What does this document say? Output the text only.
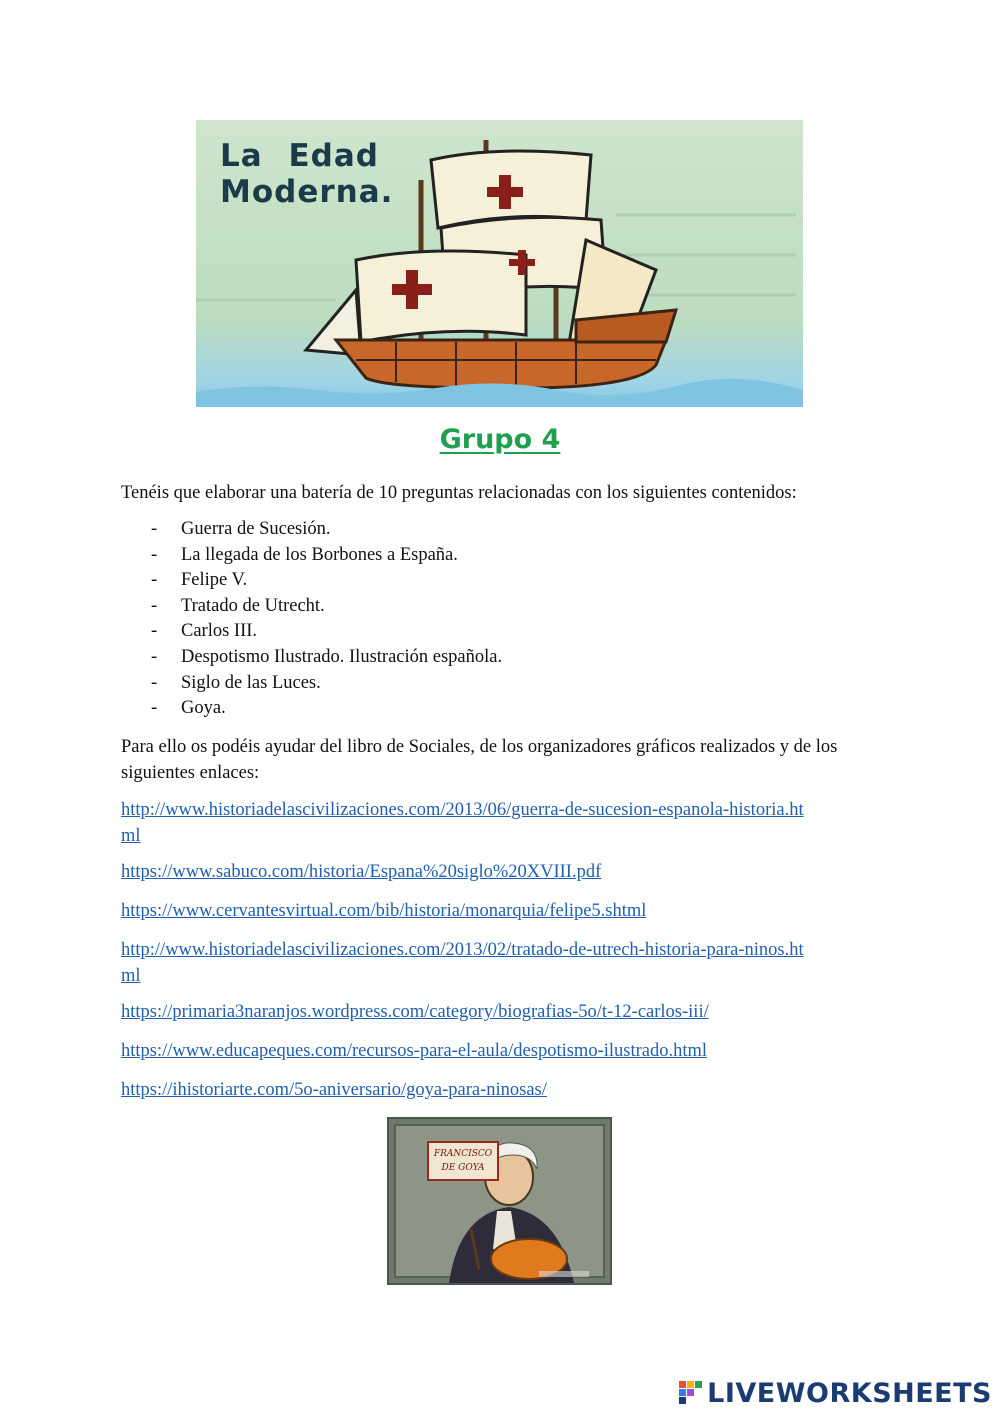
La Edad
Moderna.
Grupo 4
Tenéis que elaborar una batería de 10 preguntas relacionadas con los siguientes contenidos:
- Guerra de Sucesión.
- La llegada de los Borbones a España.
- Felipe V.
- Tratado de Utrecht.
- Carlos III.
- Despotismo Ilustrado. Ilustración española.
- Siglo de las Luces.
- Goya.
Para ello os podéis ayudar del libro de Sociales, de los organizadores gráficos realizados y de los siguientes enlaces:
http://www.historiadelascivilizaciones.com/2013/06/guerra-de-sucesion-espanola-historia.html
https://www.sabuco.com/historia/Espana%20siglo%20XVIII.pdf
https://www.cervantesvirtual.com/bib/historia/monarquia/felipe5.shtml
http://www.historiadelascivilizaciones.com/2013/02/tratado-de-utrech-historia-para-ninos.html
https://primaria3naranjos.wordpress.com/category/biografias-5o/t-12-carlos-iii/
https://www.educapeques.com/recursos-para-el-aula/despotismo-ilustrado.html
https://ihistoriarte.com/5o-aniversario/goya-para-ninosas/
FRANCISCO
DE GOYA
LIVEWORKSHEETS
